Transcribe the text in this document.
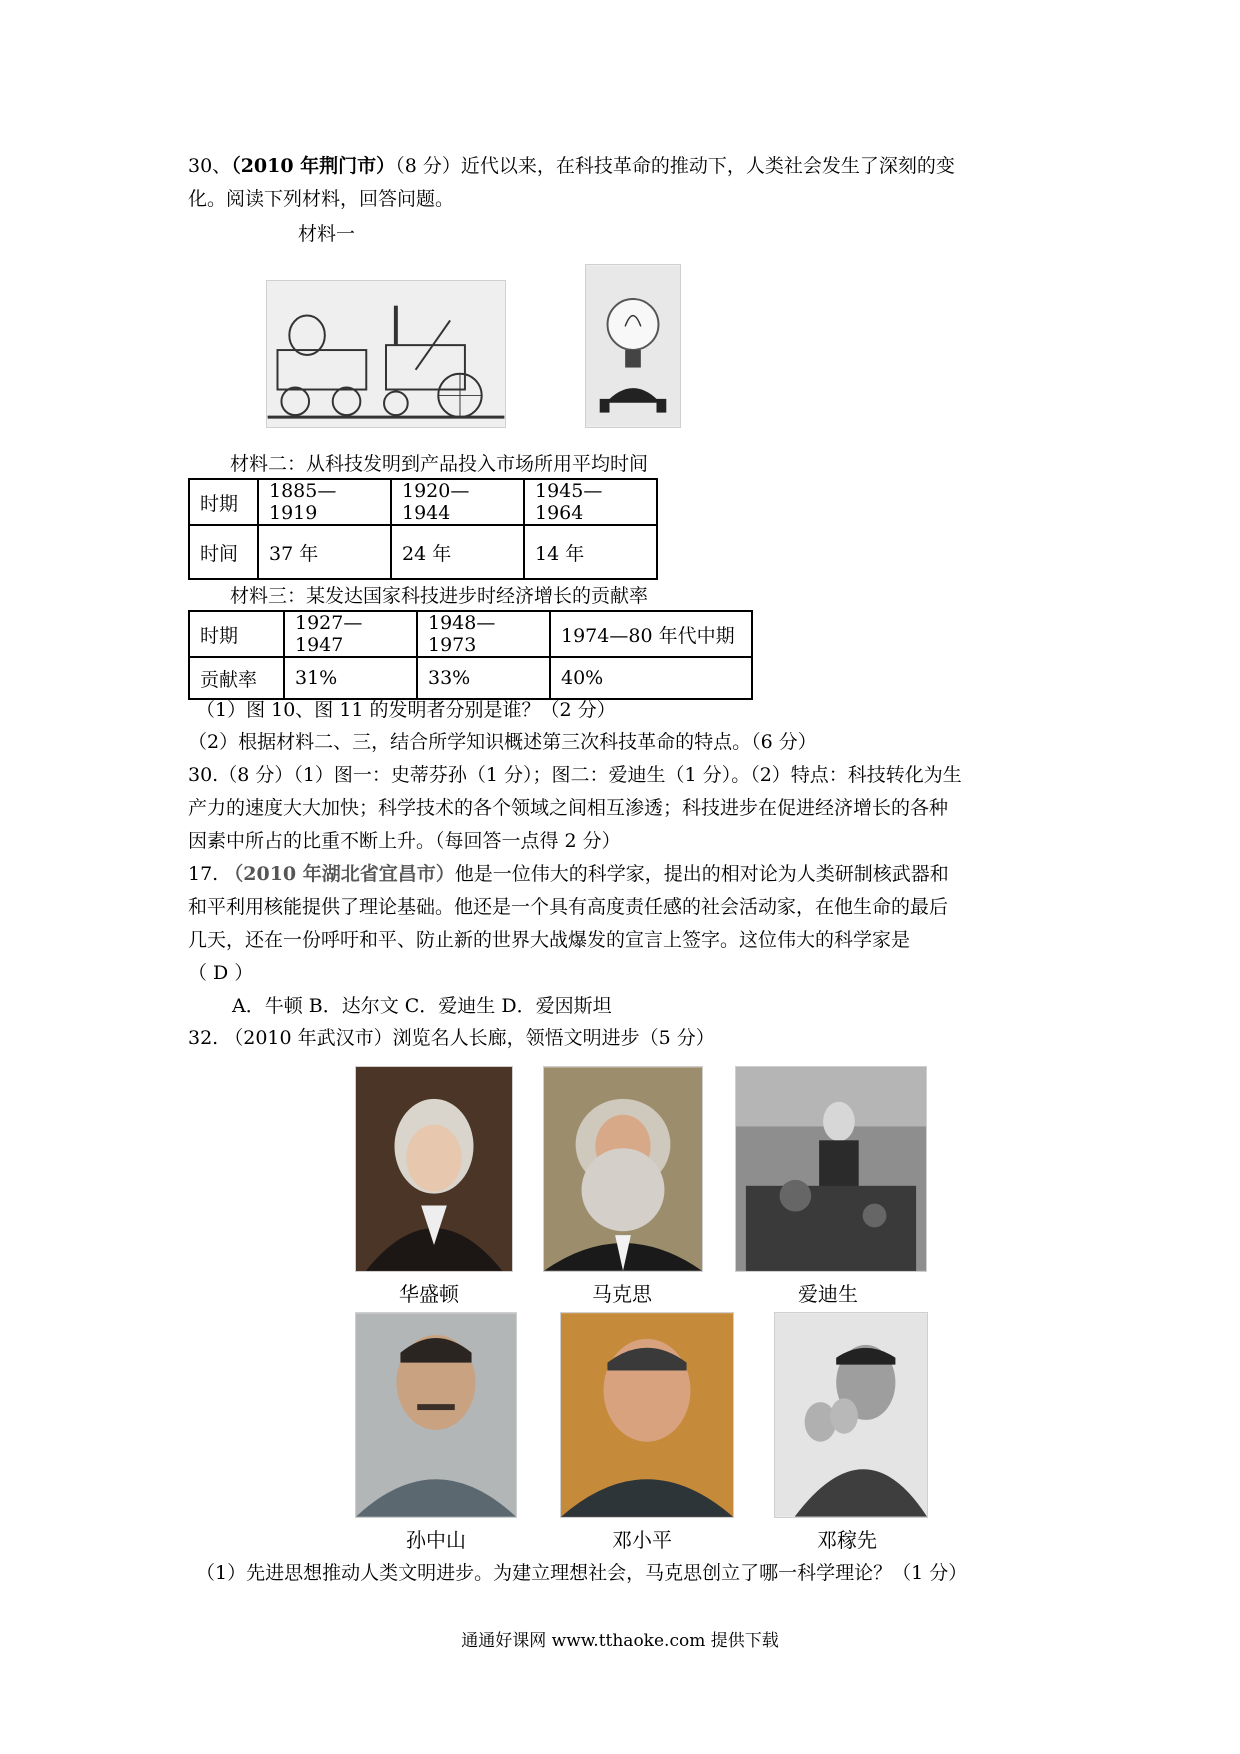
30、（2010 年荆门市）（8 分）近代以来，在科技革命的推动下，人类社会发生了深刻的变
化。阅读下列材料，回答问题。
材料一
材料二：从科技发明到产品投入市场所用平均时间
时期	1885—1919	1920—1944	1945—1964
时间	37 年	24 年	14 年
材料三：某发达国家科技进步时经济增长的贡献率
时期	1927—1947	1948—1973	1974—80 年代中期
贡献率	31%	33%	40%
（1）图 10、图 11 的发明者分别是谁？（2 分）
（2）根据材料二、三，结合所学知识概述第三次科技革命的特点。（6 分）
30.（8 分）（1）图一：史蒂芬孙（1 分）；图二：爱迪生（1 分）。（2）特点：科技转化为生
产力的速度大大加快；科学技术的各个领域之间相互渗透；科技进步在促进经济增长的各种
因素中所占的比重不断上升。（每回答一点得 2 分）
17. （2010 年湖北省宜昌市）他是一位伟大的科学家，提出的相对论为人类研制核武器和
和平利用核能提供了理论基础。他还是一个具有高度责任感的社会活动家，在他生命的最后
几天，还在一份呼吁和平、防止新的世界大战爆发的宣言上签字。这位伟大的科学家是
（ D ）
A．牛顿 B．达尔文 C．爱迪生 D．爱因斯坦
32. （2010 年武汉市）浏览名人长廊，领悟文明进步（5 分）
华盛顿	马克思	爱迪生
孙中山	邓小平	邓稼先
（1）先进思想推动人类文明进步。为建立理想社会，马克思创立了哪一科学理论？（1 分）
通通好课网 www.tthaoke.com 提供下载
